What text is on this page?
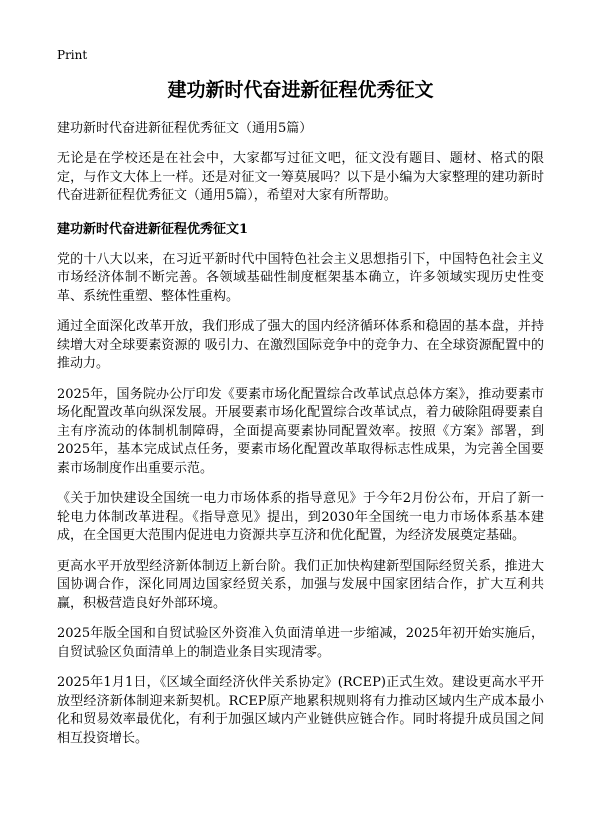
Print
建功新时代奋进新征程优秀征文
建功新时代奋进新征程优秀征文（通用5篇）
无论是在学校还是在社会中，大家都写过征文吧，征文没有题目、题材、格式的限定，与作文大体上一样。还是对征文一筹莫展吗？以下是小编为大家整理的建功新时代奋进新征程优秀征文（通用5篇），希望对大家有所帮助。
建功新时代奋进新征程优秀征文1
党的十八大以来，在习近平新时代中国特色社会主义思想指引下，中国特色社会主义市场经济体制不断完善。各领域基础性制度框架基本确立，许多领域实现历史性变革、系统性重塑、整体性重构。
通过全面深化改革开放，我们形成了强大的国内经济循环体系和稳固的基本盘，并持续增大对全球要素资源的 吸引力、在激烈国际竞争中的竞争力、在全球资源配置中的推动力。
2025年，国务院办公厅印发《要素市场化配置综合改革试点总体方案》，推动要素市场化配置改革向纵深发展。开展要素市场化配置综合改革试点，着力破除阻碍要素自主有序流动的体制机制障碍，全面提高要素协同配置效率。按照《方案》部署，到2025年，基本完成试点任务，要素市场化配置改革取得标志性成果，为完善全国要素市场制度作出重要示范。
《关于加快建设全国统一电力市场体系的指导意见》于今年2月份公布，开启了新一轮电力体制改革进程。《指导意见》提出，到2030年全国统一电力市场体系基本建成，在全国更大范围内促进电力资源共享互济和优化配置，为经济发展奠定基础。
更高水平开放型经济新体制迈上新台阶。我们正加快构建新型国际经贸关系，推进大国协调合作，深化同周边国家经贸关系，加强与发展中国家团结合作，扩大互利共赢，积极营造良好外部环境。
2025年版全国和自贸试验区外资准入负面清单进一步缩减，2025年初开始实施后，自贸试验区负面清单上的制造业条目实现清零。
2025年1月1日，《区域全面经济伙伴关系协定》(RCEP)正式生效。建设更高水平开放型经济新体制迎来新契机。RCEP原产地累积规则将有力推动区域内生产成本最小化和贸易效率最优化，有利于加强区域内产业链供应链合作。同时将提升成员国之间相互投资增长。
